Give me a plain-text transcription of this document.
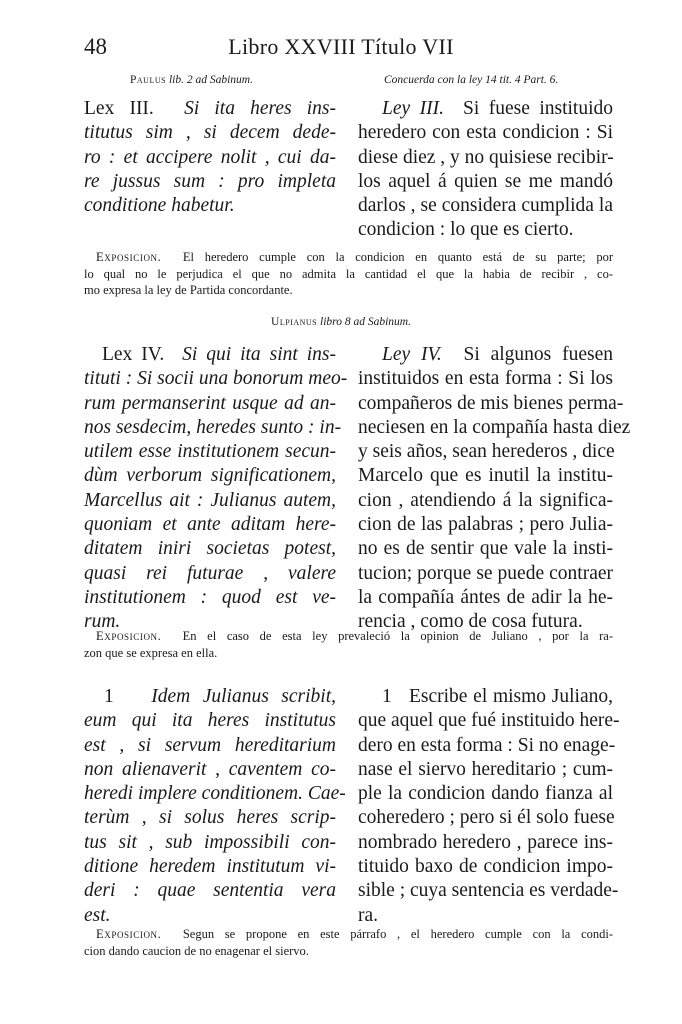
48	Libro XXVIII Título VII
Paulus lib. 2 ad Sabinum.	Concuerda con la ley 14 tit. 4 Part. 6.
Lex III. Si ita heres ins-
titutus sim , si decem dede-
ro : et accipere nolit , cui da-
re jussus sum : pro impleta
conditione habetur.
Ley III. Si fuese instituido
heredero con esta condicion : Si
diese diez , y no quisiese recibir-
los aquel á quien se me mandó
darlos , se considera cumplida la
condicion : lo que es cierto.
Exposicion. El heredero cumple con la condicion en quanto está de su parte; por
lo qual no le perjudica el que no admita la cantidad el que la habia de recibir , co-
mo expresa la ley de Partida concordante.
Ulpianus libro 8 ad Sabinum.
Lex IV. Si qui ita sint ins-
tituti : Si socii una bonorum meo-
rum permanserint usque ad an-
nos sesdecim, heredes sunto : in-
utilem esse institutionem secun-
dùm verborum significationem,
Marcellus ait : Julianus autem,
quoniam et ante aditam here-
ditatem iniri societas potest,
quasi rei futurae , valere
institutionem : quod est ve-
rum.
Ley IV. Si algunos fuesen
instituidos en esta forma : Si los
compañeros de mis bienes perma-
neciesen en la compañía hasta diez
y seis años, sean herederos , dice
Marcelo que es inutil la institu-
cion , atendiendo á la significa-
cion de las palabras ; pero Julia-
no es de sentir que vale la insti-
tucion; porque se puede contraer
la compañía ántes de adir la he-
rencia , como de cosa futura.
Exposicion. En el caso de esta ley prevaleció la opinion de Juliano , por la ra-
zon que se expresa en ella.
1 Idem Julianus scribit,
eum qui ita heres institutus
est , si servum hereditarium
non alienaverit , caventem co-
heredi implere conditionem. Cae-
terùm , si solus heres scrip-
tus sit , sub impossibili con-
ditione heredem institutum vi-
deri : quae sententia vera
est.
1 Escribe el mismo Juliano,
que aquel que fué instituido here-
dero en esta forma : Si no enage-
nase el siervo hereditario ; cum-
ple la condicion dando fianza al
coheredero ; pero si él solo fuese
nombrado heredero , parece ins-
tituido baxo de condicion impo-
sible ; cuya sentencia es verdade-
ra.
Exposicion. Segun se propone en este párrafo , el heredero cumple con la condi-
cion dando caucion de no enagenar el siervo.
